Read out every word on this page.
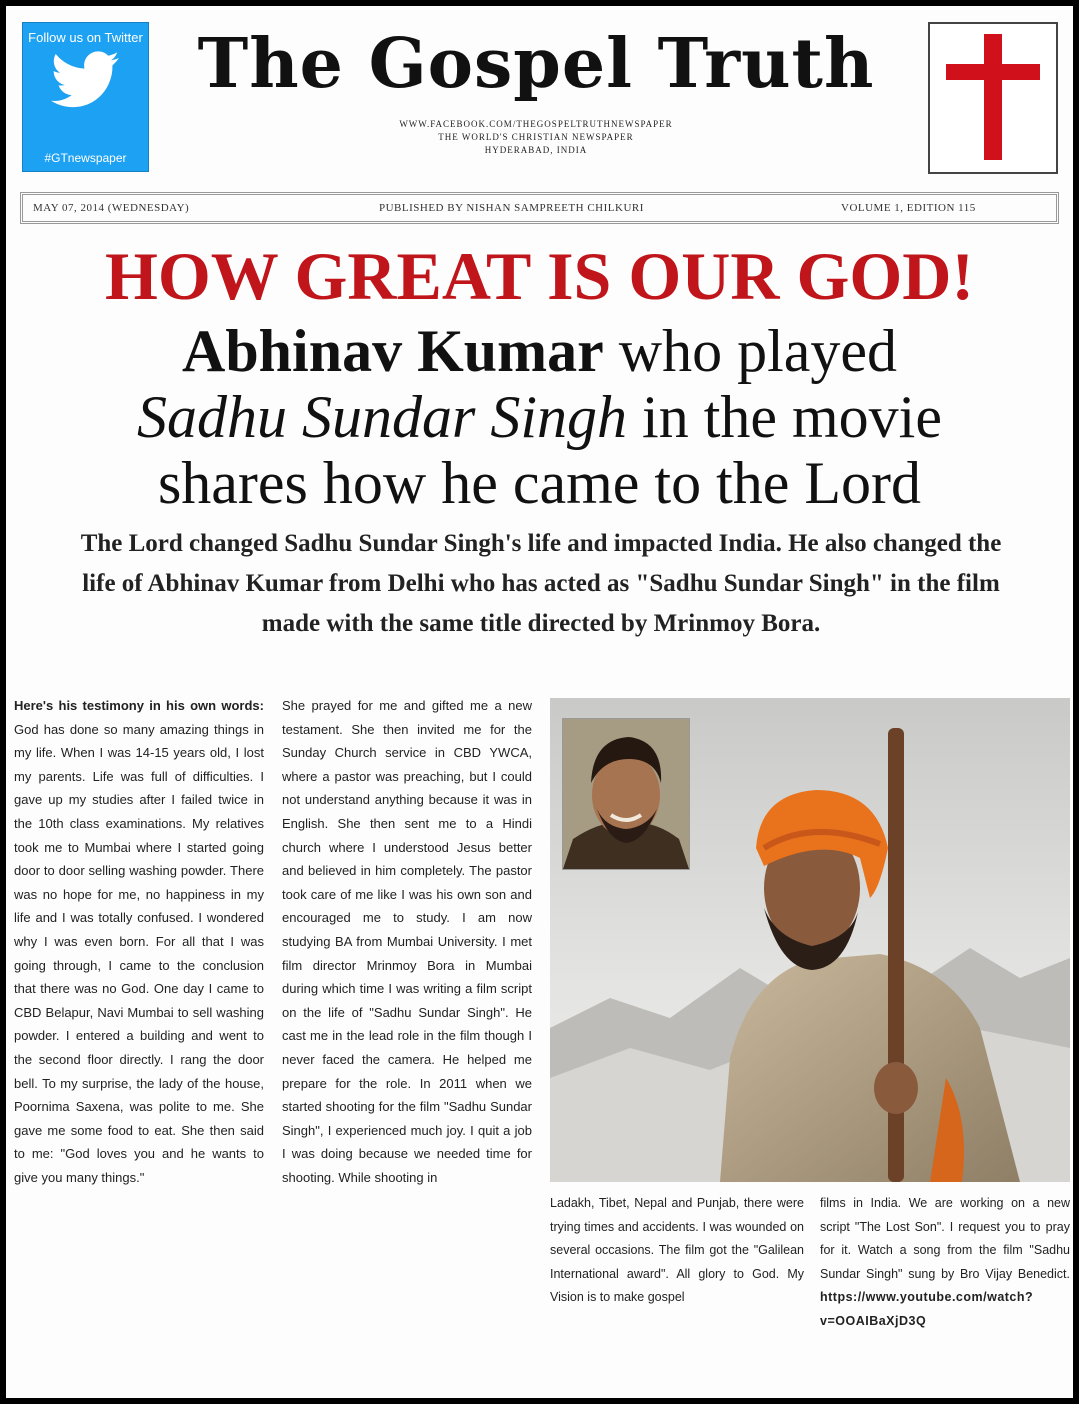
Follow us on Twitter
#GTnewspaper
The Gospel Truth
WWW.FACEBOOK.COM/THEGOSPELTRUTHNEWSPAPER
THE WORLD'S CHRISTIAN NEWSPAPER
HYDERABAD, INDIA
MAY 07, 2014 (WEDNESDAY)	PUBLISHED BY NISHAN SAMPREETH CHILKURI	VOLUME 1, EDITION 115
HOW GREAT IS OUR GOD!
Abhinav Kumar who played
Sadhu Sundar Singh in the movie
shares how he came to the Lord
The Lord changed Sadhu Sundar Singh's life and impacted India. He also changed the life of Abhinav Kumar from Delhi who has acted as "Sadhu Sundar Singh" in the film made with the same title directed by Mrinmoy Bora.
Here's his testimony in his own words: God has done so many amazing things in my life. When I was 14-15 years old, I lost my parents. Life was full of difficulties. I gave up my studies after I failed twice in the 10th class examinations. My relatives took me to Mumbai where I started going door to door selling washing powder. There was no hope for me, no happiness in my life and I was totally confused. I wondered why I was even born. For all that I was going through, I came to the conclusion that there was no God. One day I came to CBD Belapur, Navi Mumbai to sell washing powder. I entered a building and went to the second floor directly. I rang the door bell. To my surprise, the lady of the house, Poornima Saxena, was polite to me. She gave me some food to eat. She then said to me: "God loves you and he wants to give you many things."
She prayed for me and gifted me a new testament. She then invited me for the Sunday Church service in CBD YWCA, where a pastor was preaching, but I could not understand anything because it was in English. She then sent me to a Hindi church where I understood Jesus better and believed in him completely. The pastor took care of me like I was his own son and encouraged me to study. I am now studying BA from Mumbai University. I met film director Mrinmoy Bora in Mumbai during which time I was writing a film script on the life of "Sadhu Sundar Singh". He cast me in the lead role in the film though I never faced the camera. He helped me prepare for the role. In 2011 when we started shooting for the film "Sadhu Sundar Singh", I experienced much joy. I quit a job I was doing because we needed time for shooting. While shooting in
Ladakh, Tibet, Nepal and Punjab, there were trying times and accidents. I was wounded on several occasions. The film got the "Galilean International award". All glory to God. My Vision is to make gospel
films in India. We are working on a new script "The Lost Son". I request you to pray for it. Watch a song from the film "Sadhu Sundar Singh" sung by Bro Vijay Benedict. https://www.youtube.com/watch?v=OOAIBaXjD3Q
